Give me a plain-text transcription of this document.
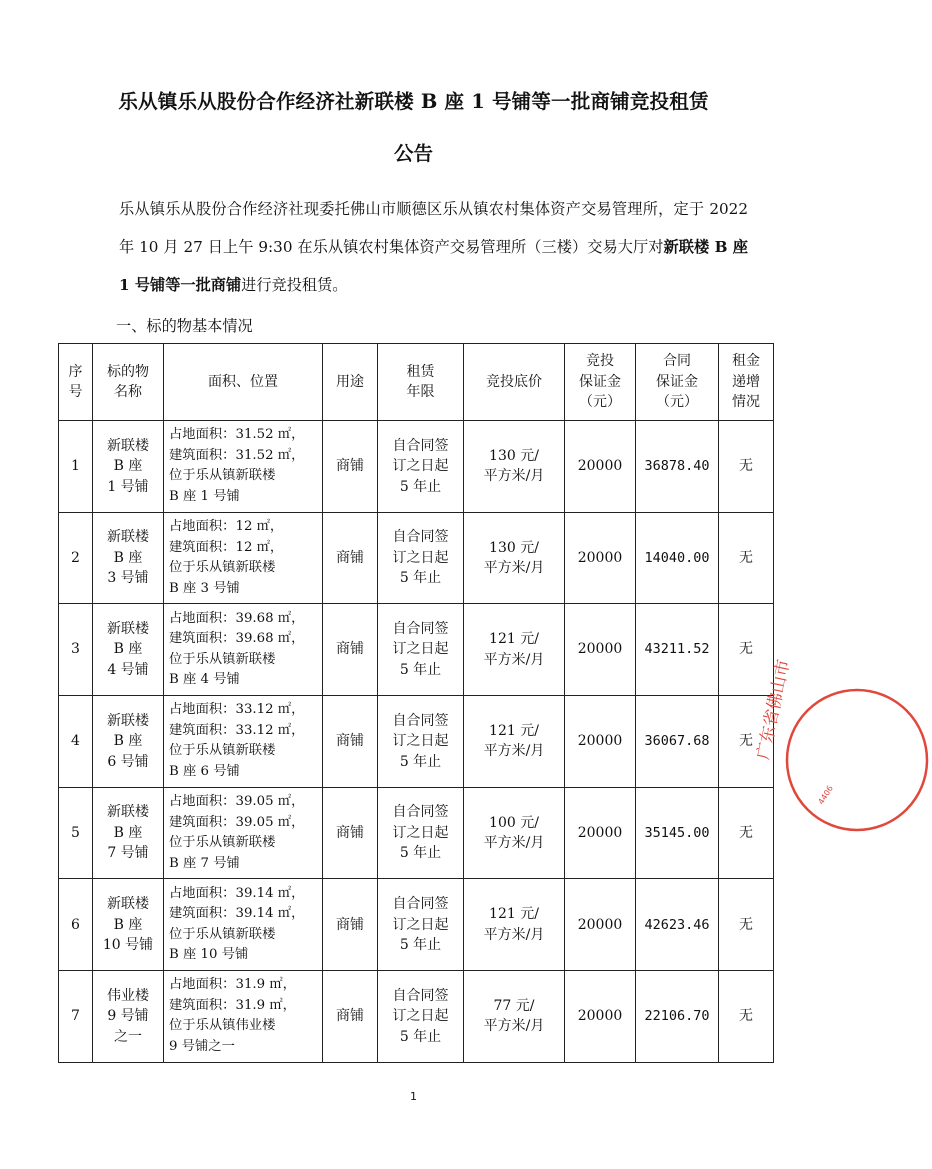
乐从镇乐从股份合作经济社新联楼 B 座 1 号铺等一批商铺竞投租赁
公告

乐从镇乐从股份合作经济社现委托佛山市顺德区乐从镇农村集体资产交易管理所，定于 2022 年 10 月 27 日上午 9:30 在乐从镇农村集体资产交易管理所（三楼）交易大厅对新联楼 B 座 1 号铺等一批商铺进行竞投租赁。

一、标的物基本情况
序
号	标的物
名称	面积、位置	用途	租赁
年限	竞投底价	竞投
保证金
（元）	合同
保证金
（元）	租金
递增
情况
1	新联楼
B 座
1 号铺	占地面积：31.52 ㎡，
建筑面积：31.52 ㎡，
位于乐从镇新联楼
B 座 1 号铺	商铺	自合同签
订之日起
5 年止	130 元/
平方米/月	20000	36878.40	无
2	新联楼
B 座
3 号铺	占地面积：12 ㎡，
建筑面积：12 ㎡，
位于乐从镇新联楼
B 座 3 号铺	商铺	自合同签
订之日起
5 年止	130 元/
平方米/月	20000	14040.00	无
3	新联楼
B 座
4 号铺	占地面积：39.68 ㎡，
建筑面积：39.68 ㎡，
位于乐从镇新联楼
B 座 4 号铺	商铺	自合同签
订之日起
5 年止	121 元/
平方米/月	20000	43211.52	无
4	新联楼
B 座
6 号铺	占地面积：33.12 ㎡，
建筑面积：33.12 ㎡，
位于乐从镇新联楼
B 座 6 号铺	商铺	自合同签
订之日起
5 年止	121 元/
平方米/月	20000	36067.68	无
5	新联楼
B 座
7 号铺	占地面积：39.05 ㎡，
建筑面积：39.05 ㎡，
位于乐从镇新联楼
B 座 7 号铺	商铺	自合同签
订之日起
5 年止	100 元/
平方米/月	20000	35145.00	无
6	新联楼
B 座
10 号铺	占地面积：39.14 ㎡，
建筑面积：39.14 ㎡，
位于乐从镇新联楼
B 座 10 号铺	商铺	自合同签
订之日起
5 年止	121 元/
平方米/月	20000	42623.46	无
7	伟业楼
9 号铺
之一	占地面积：31.9 ㎡，
建筑面积：31.9 ㎡，
位于乐从镇伟业楼
9 号铺之一	商铺	自合同签
订之日起
5 年止	77 元/
平方米/月	20000	22106.70	无
广东省佛山市
4406
1
